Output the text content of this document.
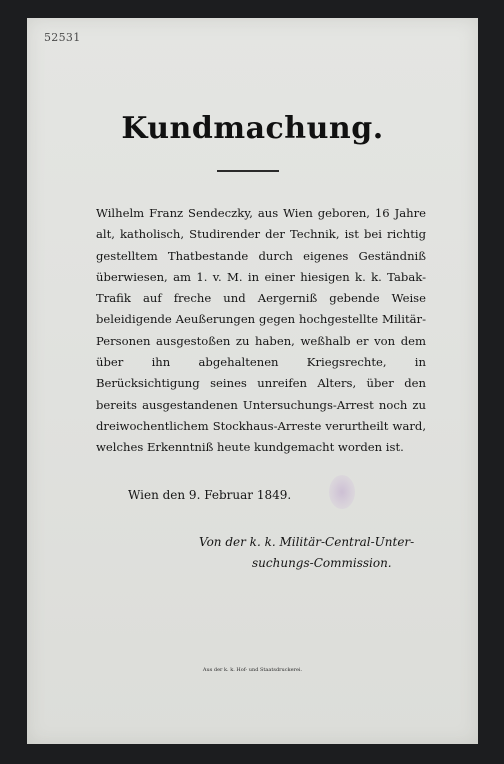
52531
Kundmachung.

Wilhelm Franz Sendeczky, aus Wien geboren, 16 Jahre alt, katholisch, Studirender der Technik, ist bei richtig gestelltem Thatbestande durch eigenes Geständniß überwiesen, am 1. v. M. in einer hiesigen k. k. Tabak-Trafik auf freche und Aergerniß gebende Weise beleidigende Aeußerungen gegen hochgestellte Militär-Personen ausgestoßen zu haben, weßhalb er von dem über ihn abgehaltenen Kriegsrechte, in Berücksichtigung seines unreifen Alters, über den bereits ausgestandenen Untersuchungs-Arrest noch zu dreiwochentlichem Stockhaus-Arreste verurtheilt ward, welches Erkenntniß heute kundgemacht worden ist.

Wien den 9. Februar 1849.
Von der k. k. Militär-Central-Unter-
suchungs-Commission.
Aus der k. k. Hof- und Staatsdruckerei.
